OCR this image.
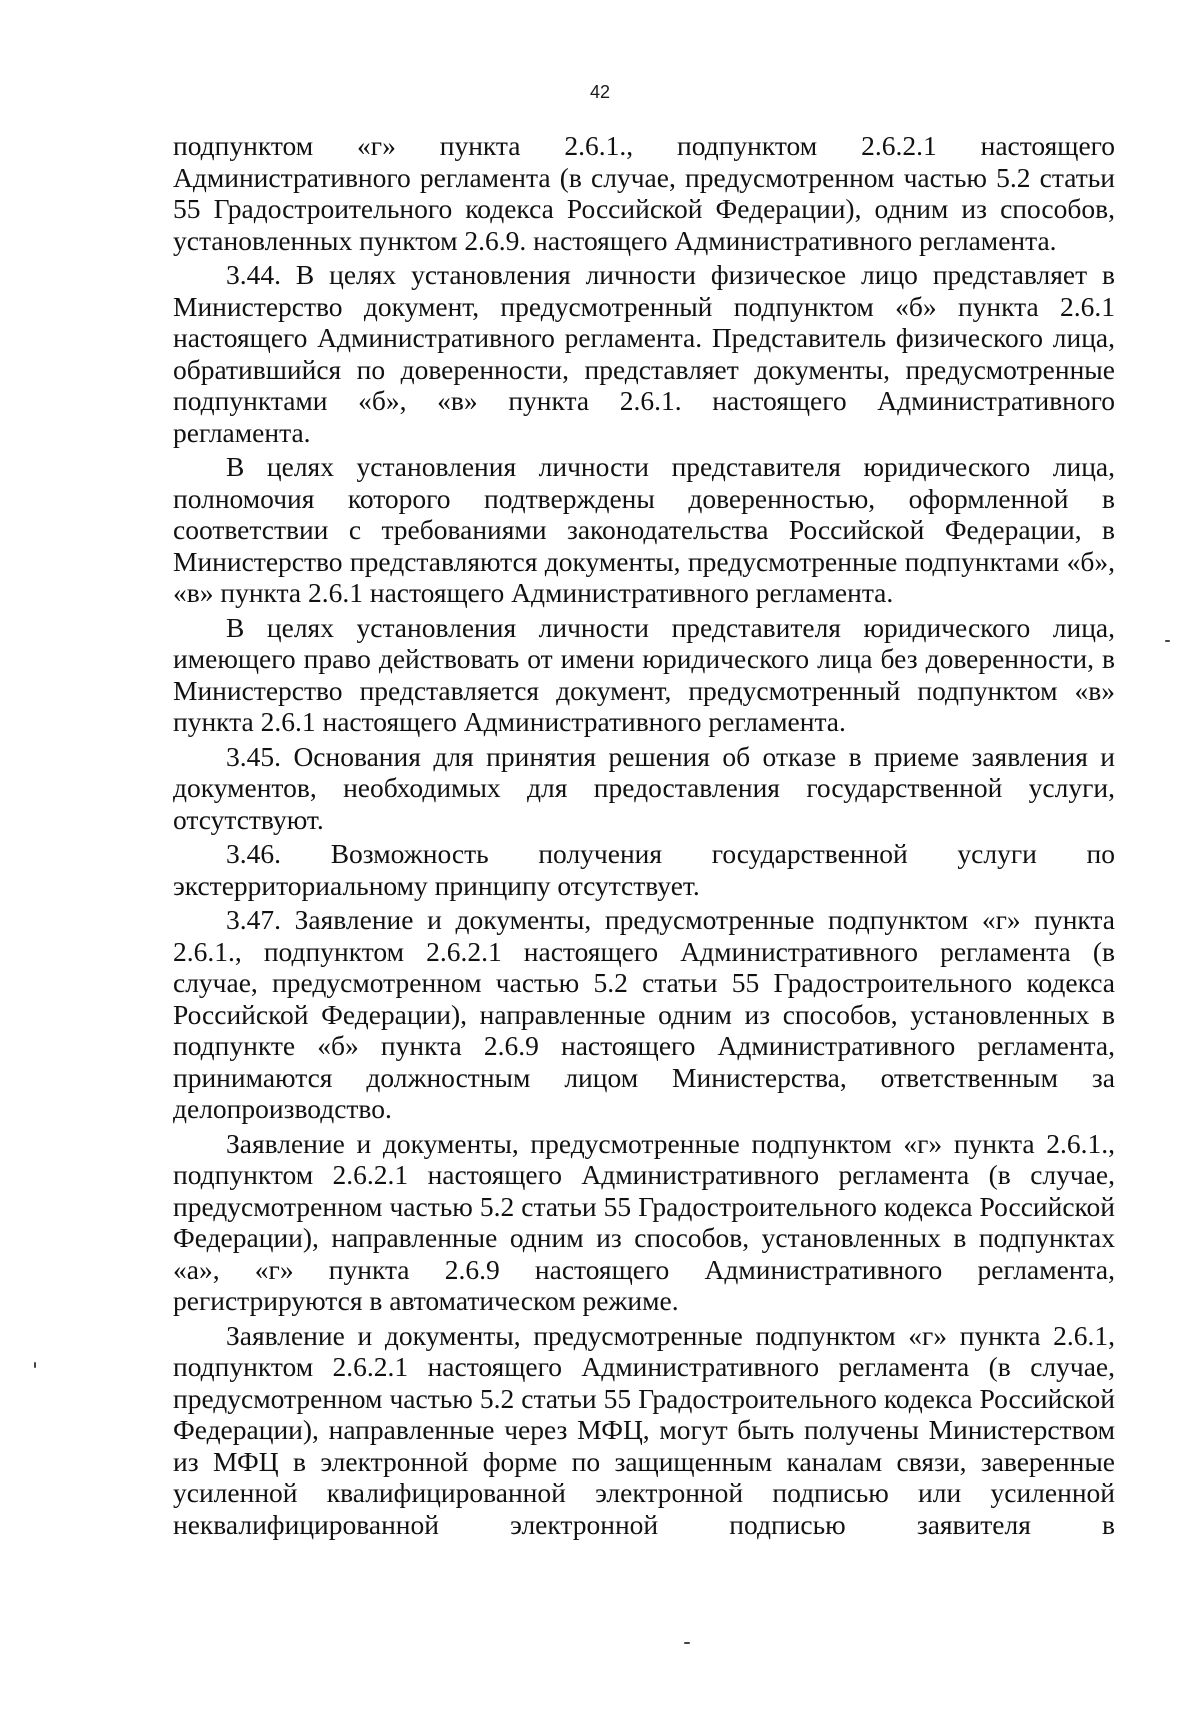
42

подпунктом «г» пункта 2.6.1., подпунктом 2.6.2.1 настоящего Административного регламента (в случае, предусмотренном частью 5.2 статьи 55 Градостроительного кодекса Российской Федерации), одним из способов, установленных пунктом 2.6.9. настоящего Административного регламента.

3.44. В целях установления личности физическое лицо представляет в Министерство документ, предусмотренный подпунктом «б» пункта 2.6.1 настоящего Административного регламента. Представитель физического лица, обратившийся по доверенности, представляет документы, предусмотренные подпунктами «б», «в» пункта 2.6.1. настоящего Административного регламента.

В целях установления личности представителя юридического лица, полномочия которого подтверждены доверенностью, оформленной в соответствии с требованиями законодательства Российской Федерации, в Министерство представляются документы, предусмотренные подпунктами «б», «в» пункта 2.6.1 настоящего Административного регламента.

В целях установления личности представителя юридического лица, имеющего право действовать от имени юридического лица без доверенности, в Министерство представляется документ, предусмотренный подпунктом «в» пункта 2.6.1 настоящего Административного регламента.

3.45. Основания для принятия решения об отказе в приеме заявления и документов, необходимых для предоставления государственной услуги, отсутствуют.

3.46. Возможность получения государственной услуги по экстерриториальному принципу отсутствует.

3.47. Заявление и документы, предусмотренные подпунктом «г» пункта 2.6.1., подпунктом 2.6.2.1 настоящего Административного регламента (в случае, предусмотренном частью 5.2 статьи 55 Градостроительного кодекса Российской Федерации), направленные одним из способов, установленных в подпункте «б» пункта 2.6.9 настоящего Административного регламента, принимаются должностным лицом Министерства, ответственным за делопроизводство.

Заявление и документы, предусмотренные подпунктом «г» пункта 2.6.1., подпунктом 2.6.2.1 настоящего Административного регламента (в случае, предусмотренном частью 5.2 статьи 55 Градостроительного кодекса Российской Федерации), направленные одним из способов, установленных в подпунктах «а», «г» пункта 2.6.9 настоящего Административного регламента, регистрируются в автоматическом режиме.

Заявление и документы, предусмотренные подпунктом «г» пункта 2.6.1, подпунктом 2.6.2.1 настоящего Административного регламента (в случае, предусмотренном частью 5.2 статьи 55 Градостроительного кодекса Российской Федерации), направленные через МФЦ, могут быть получены Министерством из МФЦ в электронной форме по защищенным каналам связи, заверенные усиленной квалифицированной электронной подписью или усиленной неквалифицированной электронной подписью заявителя в
